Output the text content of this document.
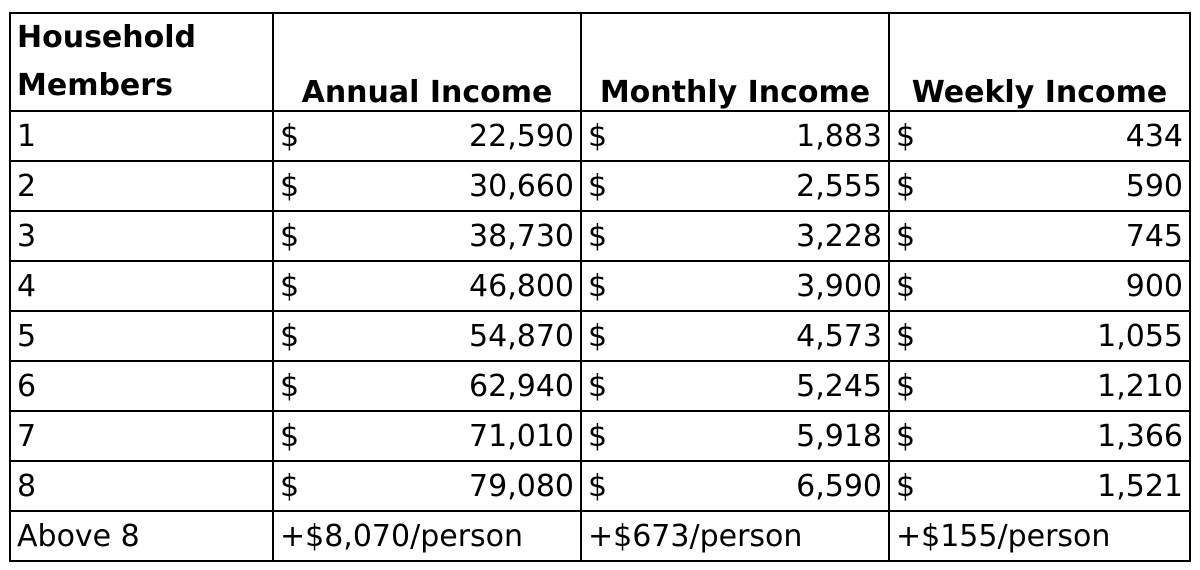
Household
Members	Annual Income	Monthly Income	Weekly Income
1	$ 22,590	$ 1,883	$ 434

2	$ 30,660	$ 2,555	$ 590

3	$ 38,730	$ 3,228	$ 745

4	$ 46,800	$ 3,900	$ 900

5	$ 54,870	$ 4,573	$ 1,055

6	$ 62,940	$ 5,245	$ 1,210

7	$ 71,010	$ 5,918	$ 1,366

8	$ 79,080	$ 6,590	$ 1,521

Above 8	+$8,070/person	+$673/person	+$155/person
